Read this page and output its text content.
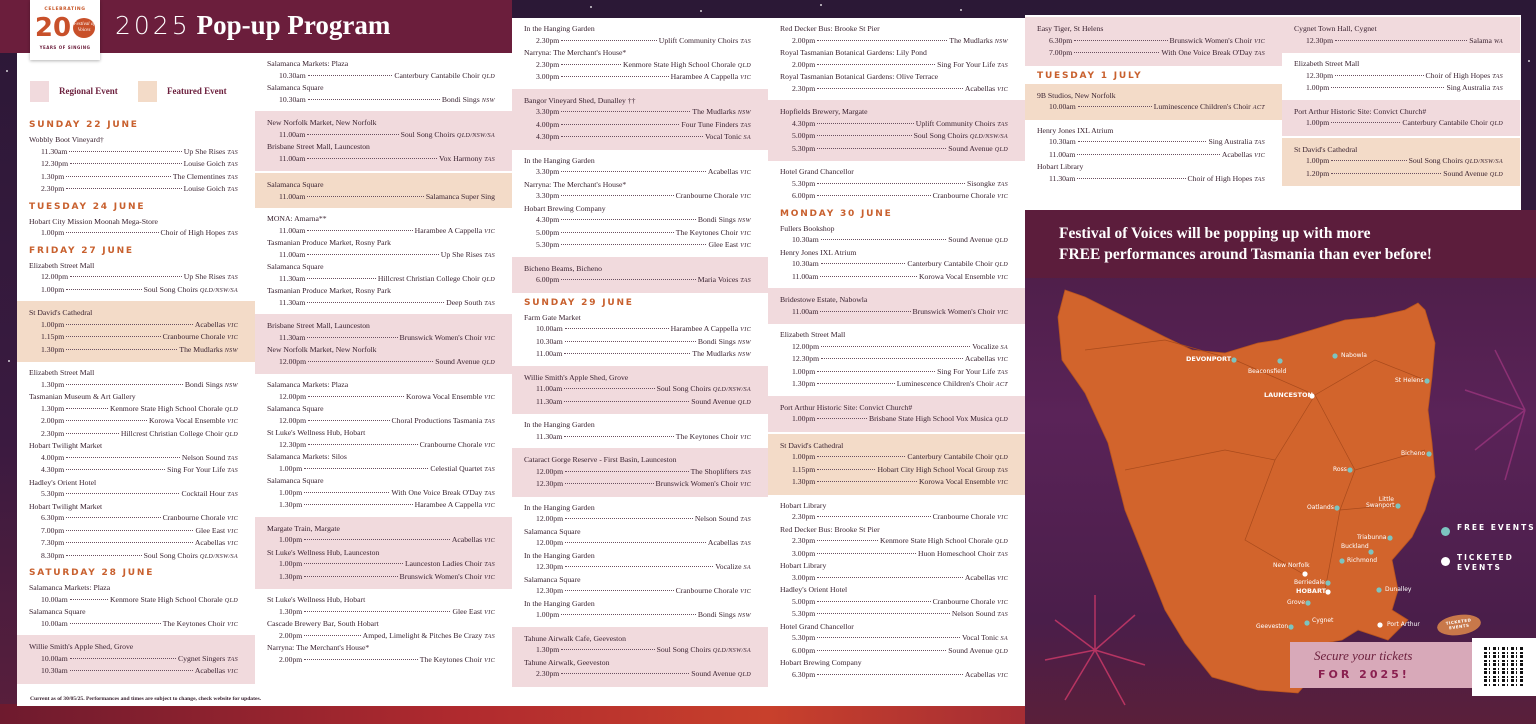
2025 Pop-up Program
CELEBRATING
20 Festival of Voices
YEARS OF SINGING
Regional Event	Featured Event
SUNDAY 22 JUNE
Wobbly Boot Vineyard†
11.30am	Up She Rises TAS
12.30pm	Louise Goich TAS
1.30pm	The Clementines TAS
2.30pm	Louise Goich TAS
TUESDAY 24 JUNE
Hobart City Mission Moonah Mega-Store
1.00pm	Choir of High Hopes TAS
FRIDAY 27 JUNE
Elizabeth Street Mall
12.00pm	Up She Rises TAS
1.00pm	Soul Song Choirs QLD/NSW/SA
St David's Cathedral
1.00pm	Acabellas VIC
1.15pm	Cranbourne Chorale VIC
1.30pm	The Mudlarks NSW
Elizabeth Street Mall
1.30pm	Bondi Sings NSW
Tasmanian Museum & Art Gallery
1.30pm	Kenmore State High School Chorale QLD
2.00pm	Korowa Vocal Ensemble VIC
2.30pm	Hillcrest Christian College Choir QLD
Hobart Twilight Market
4.00pm	Nelson Sound TAS
4.30pm	Sing For Your Life TAS
Hadley's Orient Hotel
5.30pm	Cocktail Hour TAS
Hobart Twilight Market
6.30pm	Cranbourne Chorale VIC
7.00pm	Glee East VIC
7.30pm	Acabellas VIC
8.30pm	Soul Song Choirs QLD/NSW/SA
SATURDAY 28 JUNE
Salamanca Markets: Plaza
10.00am	Kenmore State High School Chorale QLD
Salamanca Square
10.00am	The Keytones Choir VIC
Willie Smith's Apple Shed, Grove
10.00am	Cygnet Singers TAS
10.30am	Acabellas VIC
Salamanca Markets: Plaza
10.30am	Canterbury Cantabile Choir QLD
Salamanca Square
10.30am	Bondi Sings NSW
New Norfolk Market, New Norfolk
11.00am	Soul Song Choirs QLD/NSW/SA
Brisbane Street Mall, Launceston
11.00am	Vox Harmony TAS
Salamanca Square
11.00am	Salamanca Super Sing
MONA: Amarna**
11.00am	Harambee A Cappella VIC
Tasmanian Produce Market, Rosny Park
11.00am	Up She Rises TAS
Salamanca Square
11.30am	Hillcrest Christian College Choir QLD
Tasmanian Produce Market, Rosny Park
11.30am	Deep South TAS
Brisbane Street Mall, Launceston
11.30am	Brunswick Women's Choir VIC
New Norfolk Market, New Norfolk
12.00pm	Sound Avenue QLD
Salamanca Markets: Plaza
12.00pm	Korowa Vocal Ensemble VIC
Salamanca Square
12.00pm	Choral Productions Tasmania TAS
St Luke's Wellness Hub, Hobart
12.30pm	Cranbourne Chorale VIC
Salamanca Markets: Silos
1.00pm	Celestial Quartet TAS
Salamanca Square
1.00pm	With One Voice Break O'Day TAS
1.30pm	Harambee A Cappella VIC
Margate Train, Margate
1.00pm	Acabellas VIC
St Luke's Wellness Hub, Launceston
1.00pm	Launceston Ladies Choir TAS
1.30pm	Brunswick Women's Choir VIC
St Luke's Wellness Hub, Hobart
1.30pm	Glee East VIC
Cascade Brewery Bar, South Hobart
2.00pm	Amped, Limelight & Pitches Be Crazy TAS
Narryna: The Merchant's House*
2.00pm	The Keytones Choir VIC
In the Hanging Garden
2.30pm	Uplift Community Choirs TAS
Narryna: The Merchant's House*
2.30pm	Kenmore State High School Chorale QLD
3.00pm	Harambee A Cappella VIC
Bangor Vineyard Shed, Dunalley ††
3.30pm	The Mudlarks NSW
4.00pm	Four Tune Finders TAS
4.30pm	Vocal Tonic SA
In the Hanging Garden
3.30pm	Acabellas VIC
Narryna: The Merchant's House*
3.30pm	Cranbourne Chorale VIC
Hobart Brewing Company
4.30pm	Bondi Sings NSW
5.00pm	The Keytones Choir VIC
5.30pm	Glee East VIC
Bicheno Beams, Bicheno
6.00pm	Maria Voices TAS
SUNDAY 29 JUNE
Farm Gate Market
10.00am	Harambee A Cappella VIC
10.30am	Bondi Sings NSW
11.00am	The Mudlarks NSW
Willie Smith's Apple Shed, Grove
11.00am	Soul Song Choirs QLD/NSW/SA
11.30am	Sound Avenue QLD
In the Hanging Garden
11.30am	The Keytones Choir VIC
Cataract Gorge Reserve - First Basin, Launceston
12.00pm	The Shoplifters TAS
12.30pm	Brunswick Women's Choir VIC
In the Hanging Garden
12.00pm	Nelson Sound TAS
Salamanca Square
12.00pm	Acabellas TAS
In the Hanging Garden
12.30pm	Vocalize SA
Salamanca Square
12.30pm	Cranbourne Chorale VIC
In the Hanging Garden
1.00pm	Bondi Sings NSW
Tahune Airwalk Cafe, Geeveston
1.30pm	Soul Song Choirs QLD/NSW/SA
Tahune Airwalk, Geeveston
2.30pm	Sound Avenue QLD
Red Decker Bus: Brooke St Pier
2.00pm	The Mudlarks NSW
Royal Tasmanian Botanical Gardens: Lily Pond
2.00pm	Sing For Your Life TAS
Royal Tasmanian Botanical Gardens: Olive Terrace
2.30pm	Acabellas VIC
Hopfields Brewery, Margate
4.30pm	Uplift Community Choirs TAS
5.00pm	Soul Song Choirs QLD/NSW/SA
5.30pm	Sound Avenue QLD
Hotel Grand Chancellor
5.30pm	Sisongke TAS
6.00pm	Cranbourne Chorale VIC
MONDAY 30 JUNE
Fullers Bookshop
10.30am	Sound Avenue QLD
Henry Jones IXL Atrium
10.30am	Canterbury Cantabile Choir QLD
11.00am	Korowa Vocal Ensemble VIC
Bridestowe Estate, Nabowla
11.00am	Brunswick Women's Choir VIC
Elizabeth Street Mall
12.00pm	Vocalize SA
12.30pm	Acabellas VIC
1.00pm	Sing For Your Life TAS
1.30pm	Luminescence Children's Choir ACT
Port Arthur Historic Site: Convict Church#
1.00pm	Brisbane State High School Vox Musica QLD
St David's Cathedral
1.00pm	Canterbury Cantabile Choir QLD
1.15pm	Hobart City High School Vocal Group TAS
1.30pm	Korowa Vocal Ensemble VIC
Hobart Library
2.30pm	Cranbourne Chorale VIC
Red Decker Bus: Brooke St Pier
2.30pm	Kenmore State High School Chorale QLD
3.00pm	Huon Homeschool Choir TAS
Hobart Library
3.00pm	Acabellas VIC
Hadley's Orient Hotel
5.00pm	Cranbourne Chorale VIC
5.30pm	Nelson Sound TAS
Hotel Grand Chancellor
5.30pm	Vocal Tonic SA
6.00pm	Sound Avenue QLD
Hobart Brewing Company
6.30pm	Acabellas VIC
Easy Tiger, St Helens
6.30pm	Brunswick Women's Choir VIC
7.00pm	With One Voice Break O'Day TAS
TUESDAY 1 JULY
9B Studios, New Norfolk
10.00am	Luminescence Children's Choir ACT
Henry Jones IXL Atrium
10.30am	Sing Australia TAS
11.00am	Acabellas VIC
Hobart Library
11.30am	Choir of High Hopes TAS
Cygnet Town Hall, Cygnet
12.30pm	Salama WA
Elizabeth Street Mall
12.30pm	Choir of High Hopes TAS
1.00pm	Sing Australia TAS
Port Arthur Historic Site: Convict Church#
1.00pm	Canterbury Cantabile Choir QLD
St David's Cathedral
1.00pm	Soul Song Choirs QLD/NSW/SA
1.20pm	Sound Avenue QLD
Current as of 30/05/25. Performances and times are subject to change, check website for updates.
Festival of Voices will be popping up with more
FREE performances around Tasmania than ever before!
DEVONPORT
Beaconsfield
Nabowla
St Helens
LAUNCESTON
Bicheno
Ross
Oatlands
Little Swanport
Triabunna
Buckland
Richmond
New Norfolk
Berriedale
HOBART	Dunalley
Grove
Geeveston
Cygnet
Port Arthur
FREE EVENTS
TICKETED EVENTS
Secure your tickets
FOR 2025!
TICKETED EVENTS
